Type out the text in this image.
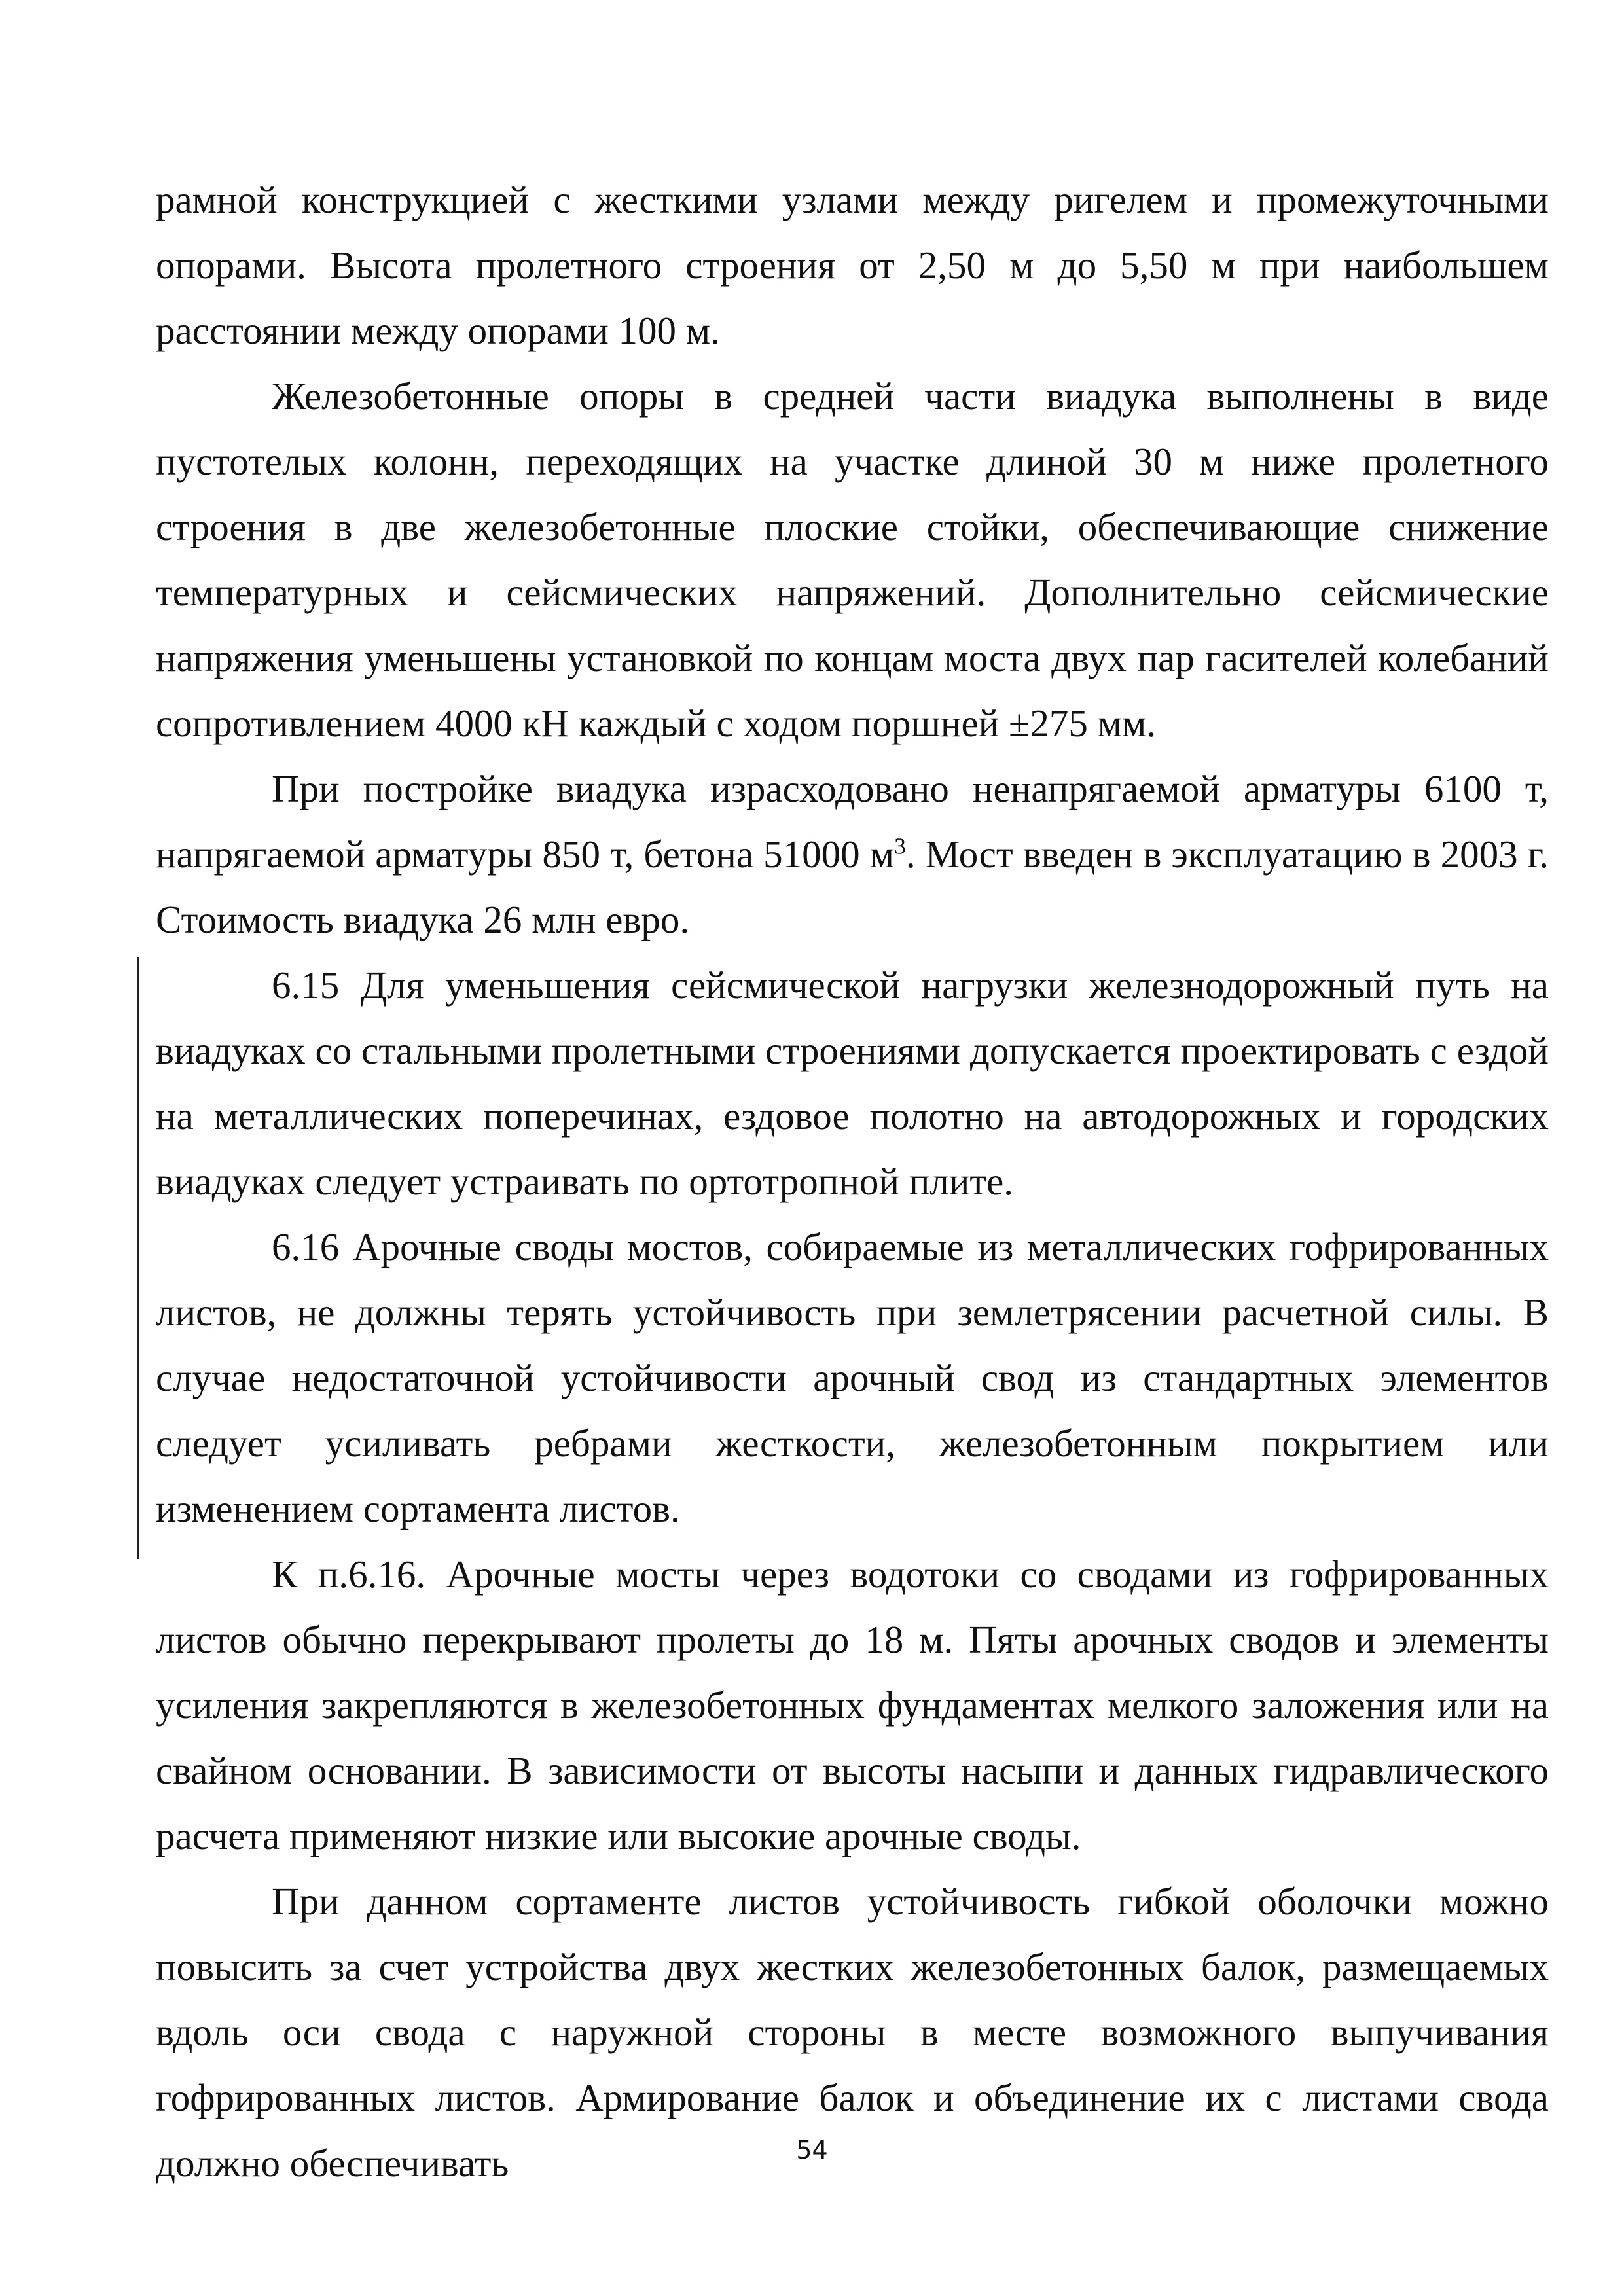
рамной конструкцией с жесткими узлами между ригелем и промежуточными опорами. Высота пролетного строения от 2,50 м до 5,50 м при наибольшем расстоянии между опорами 100 м.

Железобетонные опоры в средней части виадука выполнены в виде пустотелых колонн, переходящих на участке длиной 30 м ниже пролетного строения в две железобетонные плоские стойки, обеспечивающие снижение температурных и сейсмических напряжений. Дополнительно сейсмические напряжения уменьшены установкой по концам моста двух пар гасителей колебаний сопротивлением 4000 кН каждый с ходом поршней ±275 мм.

При постройке виадука израсходовано ненапрягаемой арматуры 6100 т, напрягаемой арматуры 850 т, бетона 51000 $м^3$. Мост введен в эксплуатацию в 2003 г. Стоимость виадука 26 млн евро.

6.15 Для уменьшения сейсмической нагрузки железнодорожный путь на виадуках со стальными пролетными строениями допускается проектировать с ездой на металлических поперечинах, ездовое полотно на автодорожных и городских виадуках следует устраивать по ортотропной плите.

6.16 Арочные своды мостов, собираемые из металлических гофрированных листов, не должны терять устойчивость при землетрясении расчетной силы. В случае недостаточной устойчивости арочный свод из стандартных элементов следует усиливать ребрами жесткости, железобетонным покрытием или изменением сортамента листов.

К п.6.16. Арочные мосты через водотоки со сводами из гофрированных листов обычно перекрывают пролеты до 18 м. Пяты арочных сводов и элементы усиления закрепляются в железобетонных фундаментах мелкого заложения или на свайном основании. В зависимости от высоты насыпи и данных гидравлического расчета применяют низкие или высокие арочные своды.

При данном сортаменте листов устойчивость гибкой оболочки можно повысить за счет устройства двух жестких железобетонных балок, размещаемых вдоль оси свода с наружной стороны в месте возможного выпучивания гофрированных листов. Армирование балок и объединение их с листами свода должно обеспечивать	54
